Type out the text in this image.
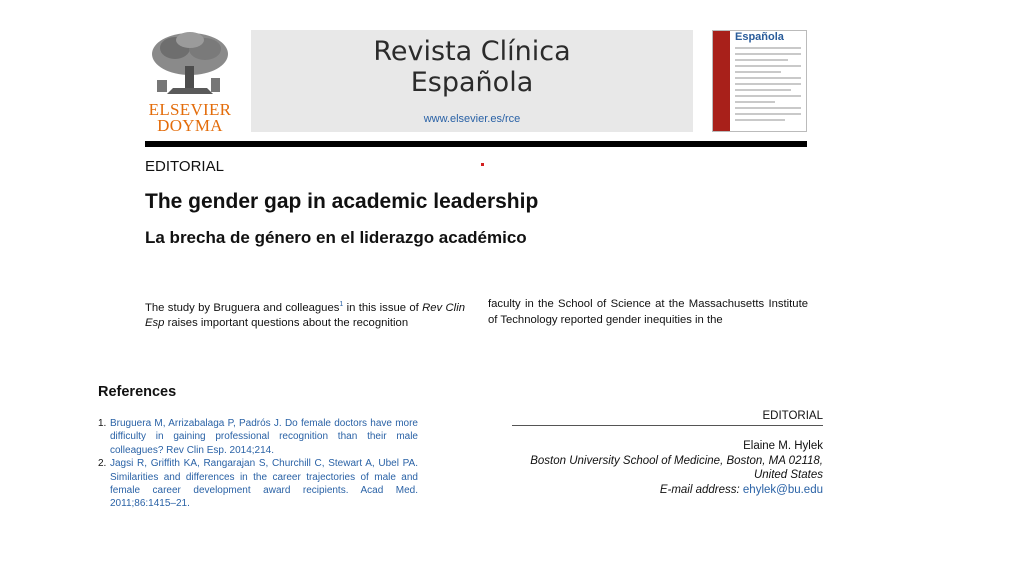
ELSEVIER
DOYMA
Revista Clínica
Española
www.elsevier.es/rce
Española
EDITORIAL
The gender gap in academic leadership
La brecha de género en el liderazgo académico
The study by Bruguera and colleagues$^1$ in this issue of Rev Clin Esp raises important questions about the recognition
faculty in the School of Science at the Massachusetts Institute of Technology reported gender inequities in the
References
1. Bruguera M, Arrizabalaga P, Padrós J. Do female doctors have more difficulty in gaining professional recognition than their male colleagues? Rev Clin Esp. 2014;214.
2. Jagsi R, Griffith KA, Rangarajan S, Churchill C, Stewart A, Ubel PA. Similarities and differences in the career trajectories of male and female career development award recipients. Acad Med. 2011;86:1415–21.
EDITORIAL
Elaine M. Hylek
Boston University School of Medicine, Boston, MA 02118,
United States
E-mail address: ehylek@bu.edu
